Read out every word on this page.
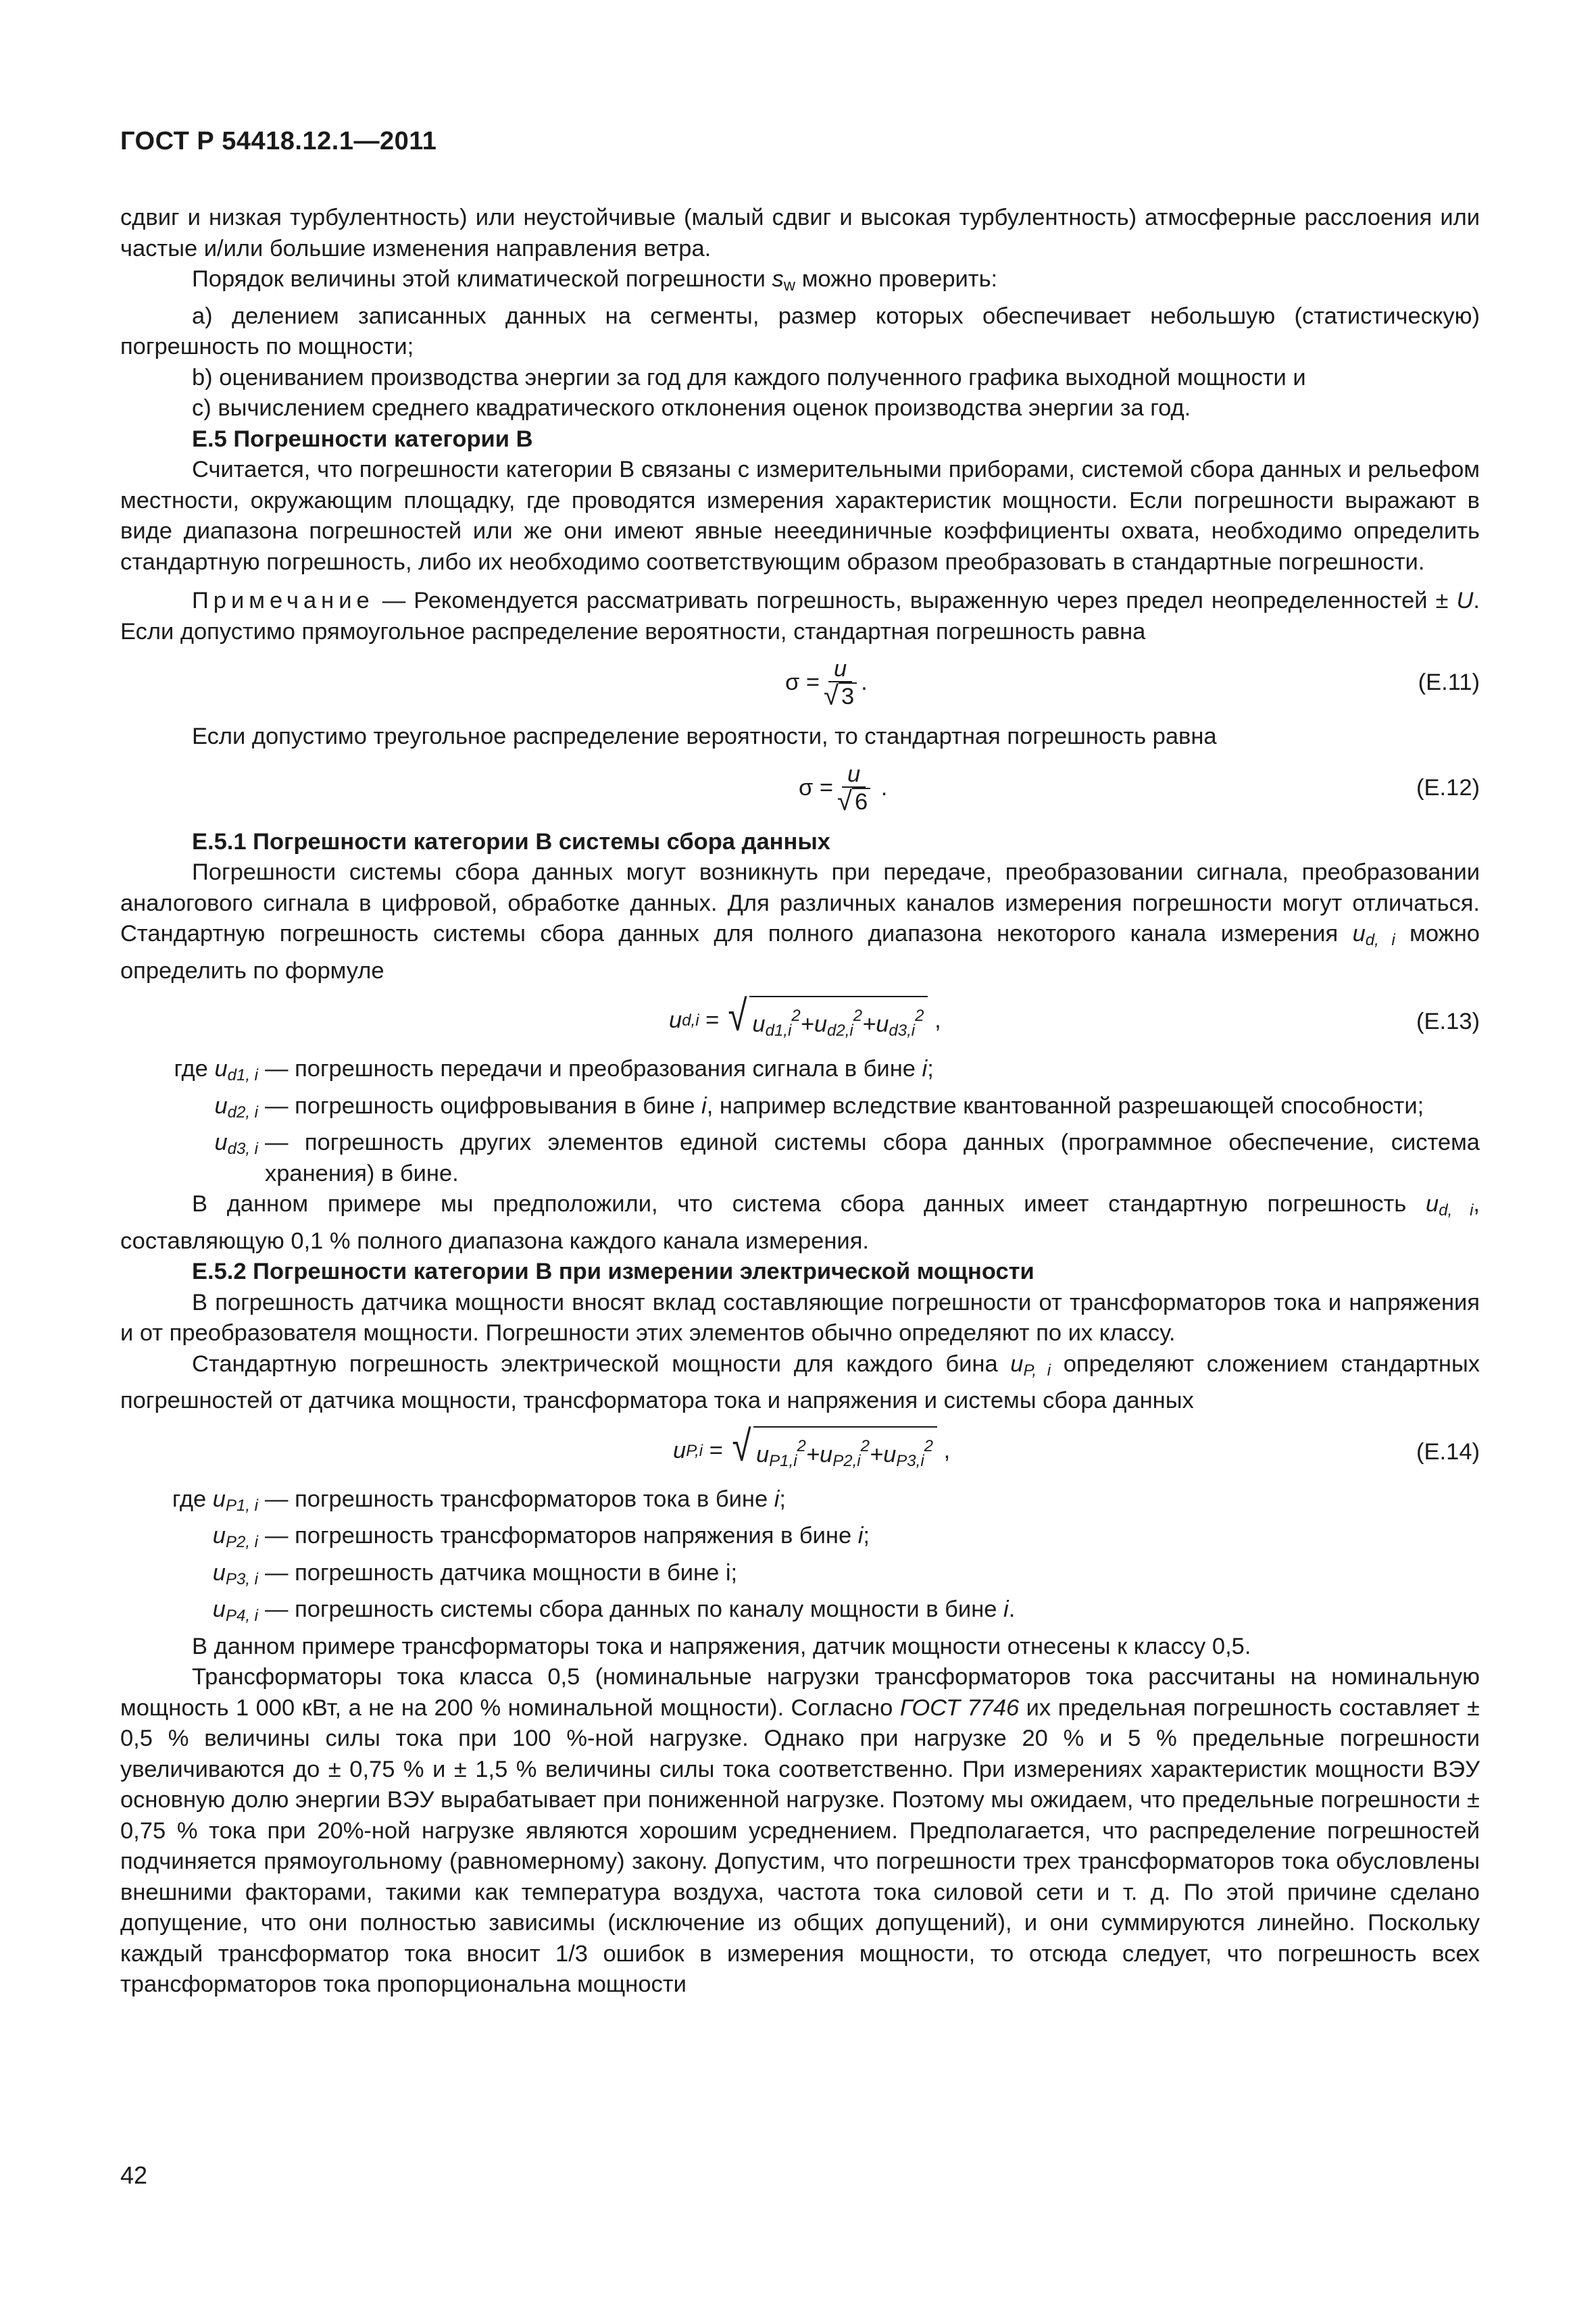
ГОСТ Р 54418.12.1—2011

сдвиг и низкая турбулентность) или неустойчивые (малый сдвиг и высокая турбулентность) атмосферные расслоения или частые и/или большие изменения направления ветра.

Порядок величины этой климатической погрешности $s_w$ можно проверить:

a) делением записанных данных на сегменты, размер которых обеспечивает небольшую (статистическую) погрешность по мощности;

b) оцениванием производства энергии за год для каждого полученного графика выходной мощности и

c) вычислением среднего квадратического отклонения оценок производства энергии за год.

Е.5 Погрешности категории В

Считается, что погрешности категории В связаны с измерительными приборами, системой сбора данных и рельефом местности, окружающим площадку, где проводятся измерения характеристик мощности. Если погрешности выражают в виде диапазона погрешностей или же они имеют явные нееединичные коэффициенты охвата, необходимо определить стандартную погрешность, либо их необходимо соответствующим образом преобразовать в стандартные погрешности.

Примечание — Рекомендуется рассматривать погрешность, выраженную через предел неопределенностей ± U. Если допустимо прямоугольное распределение вероятности, стандартная погрешность равна

$\sigma = \frac{u}{√ 3}$ .	(Е.11)

Если допустимо треугольное распределение вероятности, то стандартная погрешность равна

$\sigma = \frac{u}{√ 6}$
.	(Е.12)

Е.5.1 Погрешности категории В системы сбора данных

Погрешности системы сбора данных могут возникнуть при передаче, преобразовании сигнала, преобразовании аналогового сигнала в цифровой, обработке данных. Для различных каналов измерения погрешности могут отличаться. Стандартную погрешность системы сбора данных для полного диапазона некоторого канала измерения $u_{d, i}$ можно определить по формуле

u d,i
= √ $u_{d1,i}^2+u_{d2,i}^2+u_{d3,i}^2$
,	(Е.13)
где $u_{d1, i}$ — погрешность передачи и преобразования сигнала в бине i;
$u_{d2, i}$ — погрешность оцифровывания в бине i, например вследствие квантованной разрешающей способности;
$u_{d3, i}$ — погрешность других элементов единой системы сбора данных (программное обеспечение, система хранения) в бине.

В данном примере мы предположили, что система сбора данных имеет стандартную погрешность $u_{d, i}$, составляющую 0,1 % полного диапазона каждого канала измерения.

Е.5.2 Погрешности категории В при измерении электрической мощности

В погрешность датчика мощности вносят вклад составляющие погрешности от трансформаторов тока и напряжения и от преобразователя мощности. Погрешности этих элементов обычно определяют по их классу.

Стандартную погрешность электрической мощности для каждого бина $u_{P, i}$ определяют сложением стандартных погрешностей от датчика мощности, трансформатора тока и напряжения и системы сбора данных

u P,i
= √ $u_{P1,i}^2+u_{P2,i}^2+u_{P3,i}^2$
,	(Е.14)
где $u_{P1, i}$ — погрешность трансформаторов тока в бине i;
$u_{P2, i}$ — погрешность трансформаторов напряжения в бине i;
$u_{P3, i}$ — погрешность датчика мощности в бине i;
$u_{P4, i}$ — погрешность системы сбора данных по каналу мощности в бине i.

В данном примере трансформаторы тока и напряжения, датчик мощности отнесены к классу 0,5.

Трансформаторы тока класса 0,5 (номинальные нагрузки трансформаторов тока рассчитаны на номинальную мощность 1 000 кВт, а не на 200 % номинальной мощности). Согласно ГОСТ 7746 их предельная погрешность составляет ± 0,5 % величины силы тока при 100 %-ной нагрузке. Однако при нагрузке 20 % и 5 % предельные погрешности увеличиваются до ± 0,75 % и ± 1,5 % величины силы тока соответственно. При измерениях характеристик мощности ВЭУ основную долю энергии ВЭУ вырабатывает при пониженной нагрузке. Поэтому мы ожидаем, что предельные погрешности ± 0,75 % тока при 20%-ной нагрузке являются хорошим усреднением. Предполагается, что распределение погрешностей подчиняется прямоугольному (равномерному) закону. Допустим, что погрешности трех трансформаторов тока обусловлены внешними факторами, такими как температура воздуха, частота тока силовой сети и т. д. По этой причине сделано допущение, что они полностью зависимы (исключение из общих допущений), и они суммируются линейно. Поскольку каждый трансформатор тока вносит 1/3 ошибок в измерения мощности, то отсюда следует, что погрешность всех трансформаторов тока пропорциональна мощности

42
